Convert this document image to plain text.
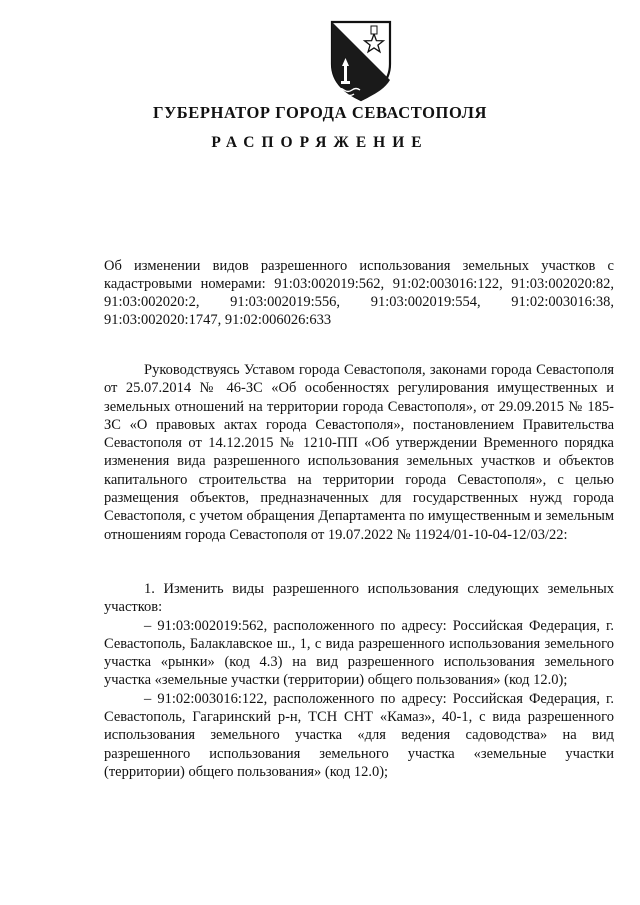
ГУБЕРНАТОР ГОРОДА СЕВАСТОПОЛЯ
РАСПОРЯЖЕНИЕ

Об изменении видов разрешенного использования земельных участков с кадастровыми номерами: 91:03:002019:562, 91:02:003016:122, 91:03:002020:82, 91:03:002020:2, 91:03:002019:556, 91:03:002019:554, 91:02:003016:38, 91:03:002020:1747, 91:02:006026:633

Руководствуясь Уставом города Севастополя, законами города Севастополя от 25.07.2014 № 46-ЗС «Об особенностях регулирования имущественных и земельных отношений на территории города Севастополя», от 29.09.2015 № 185-ЗС «О правовых актах города Севастополя», постановлением Правительства Севастополя от 14.12.2015 № 1210-ПП «Об утверждении Временного порядка изменения вида разрешенного использования земельных участков и объектов капитального строительства на территории города Севастополя», с целью размещения объектов, предназначенных для государственных нужд города Севастополя, с учетом обращения Департамента по имущественным и земельным отношениям города Севастополя от 19.07.2022 № 11924/01-10-04-12/03/22:

1. Изменить виды разрешенного использования следующих земельных участков:

– 91:03:002019:562, расположенного по адресу: Российская Федерация, г. Севастополь, Балаклавское ш., 1, с вида разрешенного использования земельного участка «рынки» (код 4.3) на вид разрешенного использования земельного участка «земельные участки (территории) общего пользования» (код 12.0);

– 91:02:003016:122, расположенного по адресу: Российская Федерация, г. Севастополь, Гагаринский р-н, ТСН СНТ «Камаз», 40-1, с вида разрешенного использования земельного участка «для ведения садоводства» на вид разрешенного использования земельного участка «земельные участки (территории) общего пользования» (код 12.0);
